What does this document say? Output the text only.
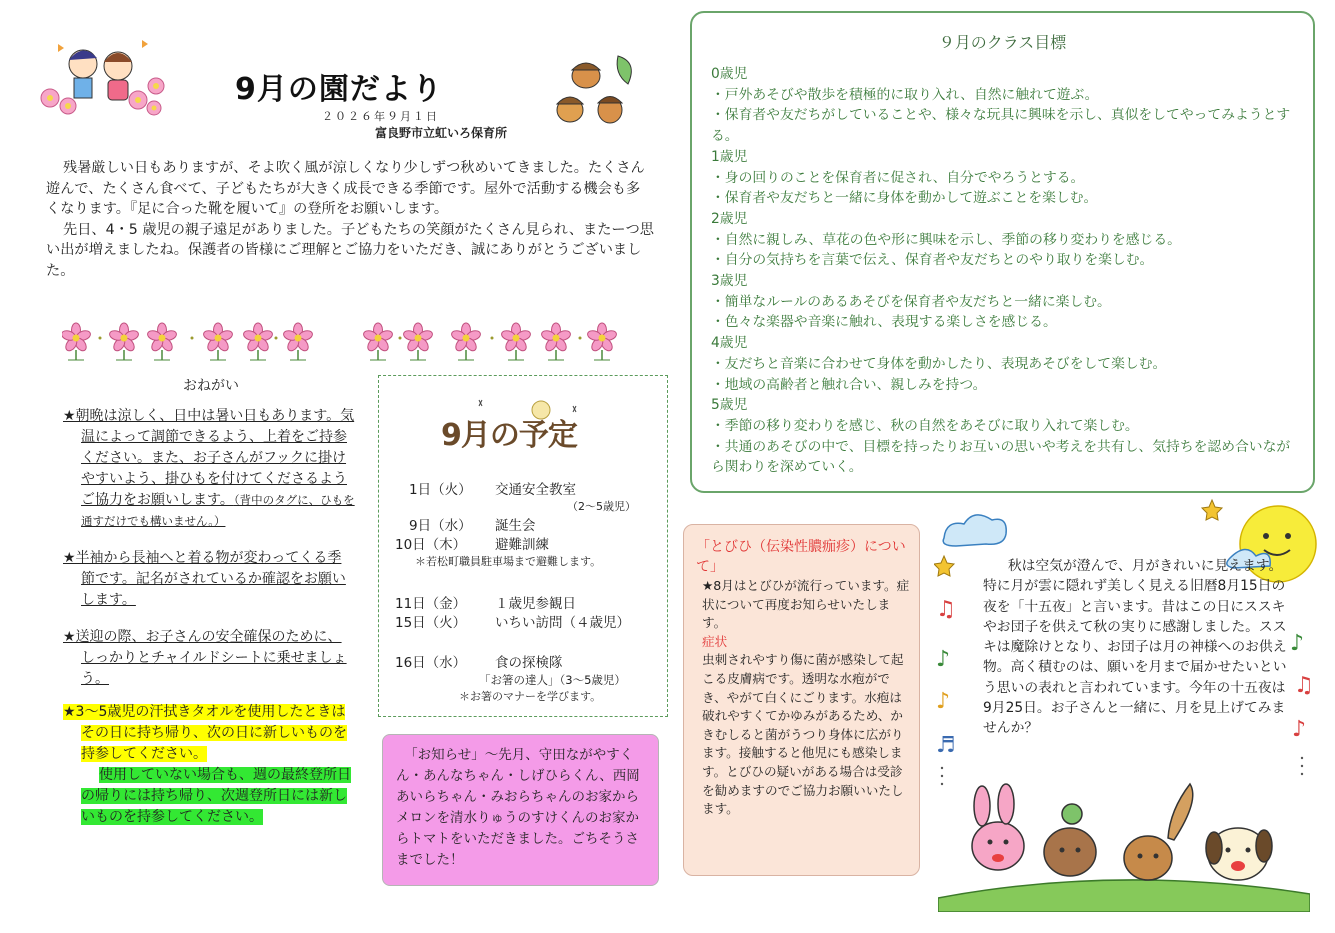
9月の園だより
２０２６年９月１日
富良野市立虹いろ保育所

残暑厳しい日もありますが、そよ吹く風が涼しくなり少しずつ秋めいてきました。たくさん遊んで、たくさん食べて、子どもたちが大きく成長できる季節です。屋外で活動する機会も多くなります。『足に合った靴を履いて』の登所をお願いします。

先日、4・5 歳児の親子遠足がありました。子どもたちの笑顔がたくさん見られ、またーつ思い出が増えましたね。保護者の皆様にご理解とご協力をいただき、誠にありがとうございました。

おねがい
★朝晩は涼しく、日中は暑い日もあります。気温によって調節できるよう、上着をご持参ください。また、お子さんがフックに掛けやすいよう、掛ひもを付けてくださるようご協力をお願いします。（背中のタグに、ひもを通すだけでも構いません。）
★半袖から長袖へと着る物が変わってくる季節です。記名がされているか確認をお願いします。
★送迎の際、お子さんの安全確保のために、しっかりとチャイルドシートに乗せましょう。
★3～5歳児の汗拭きタオルを使用したときはその日に持ち帰り、次の日に新しいものを持参してください。
使用していない場合も、週の最終登所日の帰りには持ち帰り、次週登所日には新しいものを持参してください。
9月の予定
1日（火） 交通安全教室
（2～5歳児）
9日（水） 誕生会
10日（木） 避難訓練
＊若松町職員駐車場まで避難します。
11日（金） １歳児参観日
15日（火） いちい訪問（４歳児）
16日（水） 食の探検隊
「お箸の達人」（3～5歳児）
＊お箸のマナーを学びます。
９月のクラス目標
0歳児
・戸外あそびや散歩を積極的に取り入れ、自然に触れて遊ぶ。
・保育者や友だちがしていることや、様々な玩具に興味を示し、真似をしてやってみようとする。
1歳児
・身の回りのことを保育者に促され、自分でやろうとする。
・保育者や友だちと一緒に身体を動かして遊ぶことを楽しむ。
2歳児
・自然に親しみ、草花の色や形に興味を示し、季節の移り変わりを感じる。
・自分の気持ちを言葉で伝え、保育者や友だちとのやり取りを楽しむ。
3歳児
・簡単なルールのあるあそびを保育者や友だちと一緒に楽しむ。
・色々な楽器や音楽に触れ、表現する楽しさを感じる。
4歳児
・友だちと音楽に合わせて身体を動かしたり、表現あそびをして楽しむ。
・地域の高齢者と触れ合い、親しみを持つ。
5歳児
・季節の移り変わりを感じ、秋の自然をあそびに取り入れて楽しむ。
・共通のあそびの中で、目標を持ったりお互いの思いや考えを共有し、気持ちを認め合いながら関わりを深めていく。
「お知らせ」～先月、守田ながやすくん・あんなちゃん・しげひらくん、西岡あいらちゃん・みおらちゃんのお家からメロンを清水りゅうのすけくんのお家からトマトをいただきました。ごちそうさまでした！
「とびひ（伝染性膿痂疹）について」
★8月はとびひが流行っています。症状について再度お知らせいたします。
症状
虫刺されやすり傷に菌が感染して起こる皮膚病です。透明な水疱ができ、やがて白くにごります。水疱は破れやすくてかゆみがあるため、かきむしると菌がうつり身体に広がります。接触すると他児にも感染します。とびひの疑いがある場合は受診を勧めますのでご協力お願いいたします。
♫
♪
♪
♬
♪
♫
♪

秋は空気が澄んで、月がきれいに見えます。特に月が雲に隠れず美しく見える旧暦8月15日の夜を「十五夜」と言います。昔はこの日にススキやお団子を供えて秋の実りに感謝しました。ススキは魔除けとなり、お団子は月の神様へのお供え物。高く積むのは、願いを月まで届かせたいという思いの表れと言われています。今年の十五夜は9月25日。お子さんと一緒に、月を見上げてみませんか？
